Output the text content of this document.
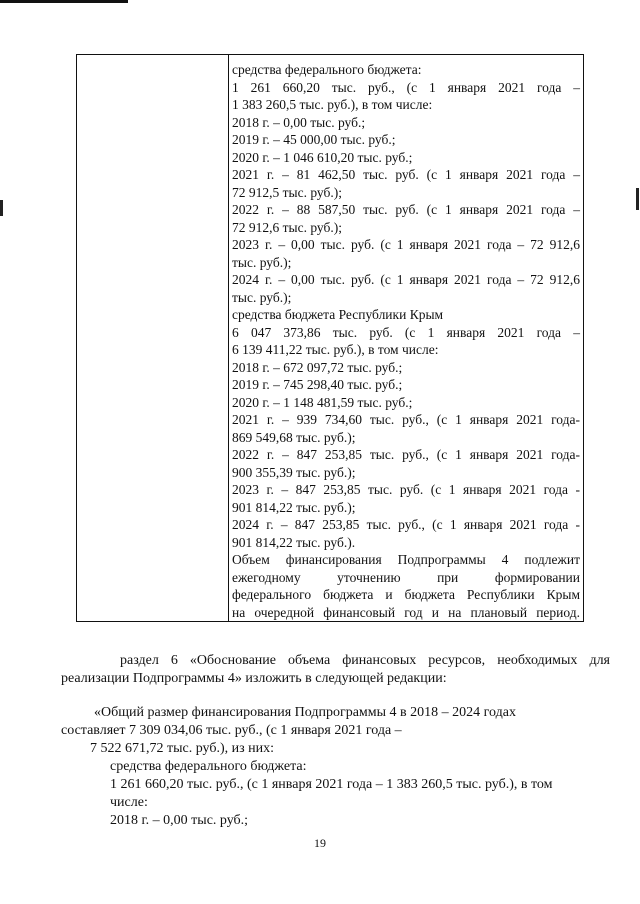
средства федерального бюджета:
1 261 660,20 тыс. руб., (с 1 января 2021 года –
1 383 260,5 тыс. руб.), в том числе:
2018 г. – 0,00 тыс. руб.;
2019 г. – 45 000,00 тыс. руб.;
2020 г. – 1 046 610,20 тыс. руб.;
2021 г. – 81 462,50 тыс. руб. (с 1 января 2021 года –
72 912,5 тыс. руб.);
2022 г. – 88 587,50 тыс. руб. (с 1 января 2021 года –
72 912,6 тыс. руб.);
2023 г. – 0,00 тыс. руб. (с 1 января 2021 года – 72 912,6
тыс. руб.);
2024 г. – 0,00 тыс. руб. (с 1 января 2021 года – 72 912,6
тыс. руб.);
средства бюджета Республики Крым
6 047 373,86 тыс. руб. (с 1 января 2021 года –
6 139 411,22 тыс. руб.), в том числе:
2018 г. – 672 097,72 тыс. руб.;
2019 г. – 745 298,40 тыс. руб.;
2020 г. – 1 148 481,59 тыс. руб.;
2021 г. – 939 734,60 тыс. руб., (с 1 января 2021 года-
869 549,68 тыс. руб.);
2022 г. – 847 253,85 тыс. руб., (с 1 января 2021 года-
900 355,39 тыс. руб.);
2023 г. – 847 253,85 тыс. руб. (с 1 января 2021 года -
901 814,22 тыс. руб.);
2024 г. – 847 253,85 тыс. руб., (с 1 января 2021 года -
901 814,22 тыс. руб.).
Объем финансирования Подпрограммы 4 подлежит
ежегодному уточнению при формировании
федерального бюджета и бюджета Республики Крым
на очередной финансовый год и на плановый период.
раздел 6 «Обоснование объема финансовых ресурсов, необходимых для
реализации Подпрограммы 4» изложить в следующей редакции:
«Общий размер финансирования Подпрограммы 4 в 2018 – 2024 годах
составляет 7 309 034,06 тыс. руб., (с 1 января 2021 года –
7 522 671,72 тыс. руб.), из них:
средства федерального бюджета:
1 261 660,20 тыс. руб., (с 1 января 2021 года – 1 383 260,5 тыс. руб.), в том
числе:
2018 г. – 0,00 тыс. руб.;
19
